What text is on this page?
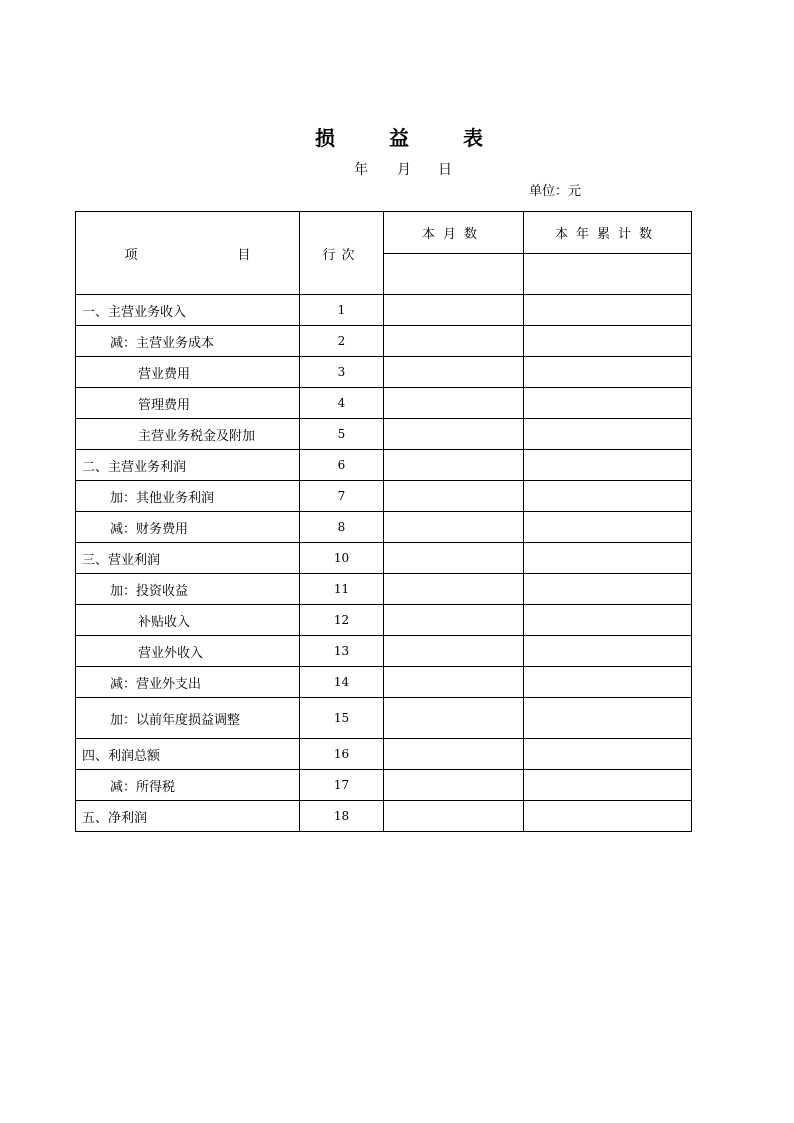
损	益	表
年 月 日
单位：元
项 目	行次	本月数	本年累计数

一、主营业务收入	1		
减：主营业务成本	2		
营业费用	3		
管理费用	4		
主营业务税金及附加	5		
二、主营业务利润	6		
加：其他业务利润	7		
减：财务费用	8		
三、营业利润	10		
加：投资收益	11		
补贴收入	12		
营业外收入	13		
减：营业外支出	14		
加：以前年度损益调整	15		
四、利润总额	16		
减：所得税	17		
五、净利润	18		
